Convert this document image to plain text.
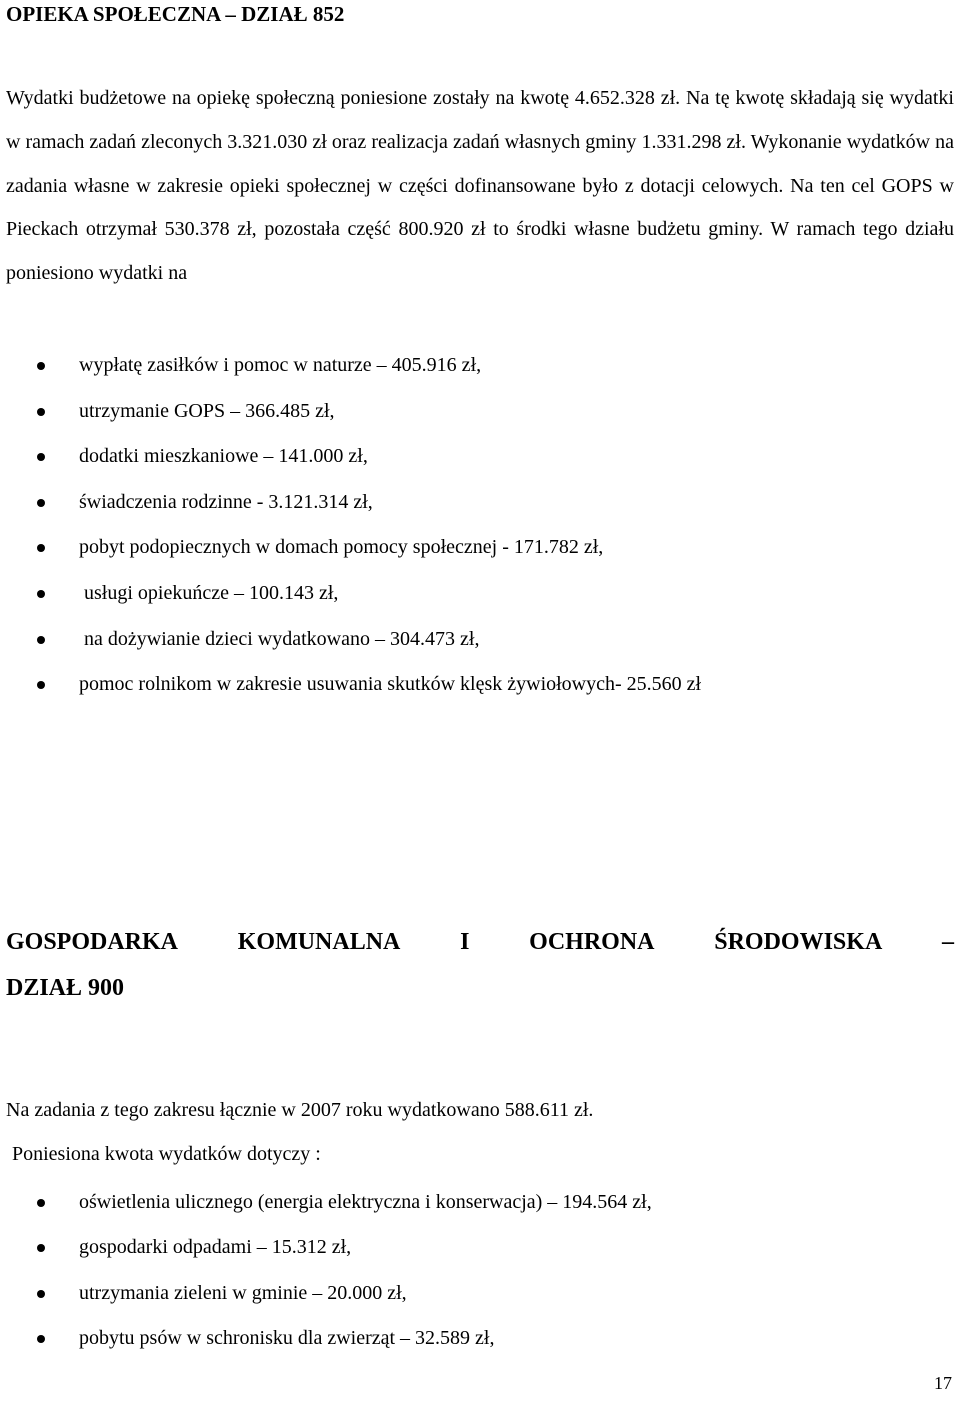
OPIEKA SPOŁECZNA – DZIAŁ 852

Wydatki budżetowe na opiekę społeczną poniesione zostały na kwotę 4.652.328 zł. Na tę kwotę składają się wydatki w ramach zadań zleconych 3.321.030 zł oraz realizacja zadań własnych gminy 1.331.298 zł. Wykonanie wydatków na zadania własne w zakresie opieki społecznej w części dofinansowane było z dotacji celowych. Na ten cel GOPS w Pieckach otrzymał 530.378 zł, pozostała część 800.920 zł to środki własne budżetu gminy. W ramach tego działu poniesiono wydatki na

wypłatę zasiłków i pomoc w naturze – 405.916 zł,
utrzymanie GOPS – 366.485 zł,
dodatki mieszkaniowe – 141.000 zł,
świadczenia rodzinne - 3.121.314 zł,
pobyt podopiecznych w domach pomocy społecznej - 171.782 zł,
usługi opiekuńcze – 100.143 zł,
na dożywianie dzieci wydatkowano – 304.473 zł,
pomoc rolnikom w zakresie usuwania skutków klęsk żywiołowych- 25.560 zł
GOSPODARKA KOMUNALNA I OCHRONA ŚRODOWISKA –
DZIAŁ 900
Na zadania z tego zakresu łącznie w 2007 roku wydatkowano 588.611 zł.
Poniesiona kwota wydatków dotyczy :
oświetlenia ulicznego (energia elektryczna i konserwacja) – 194.564 zł,
gospodarki odpadami – 15.312 zł,
utrzymania zieleni w gminie – 20.000 zł,
pobytu psów w schronisku dla zwierząt – 32.589 zł,
17
